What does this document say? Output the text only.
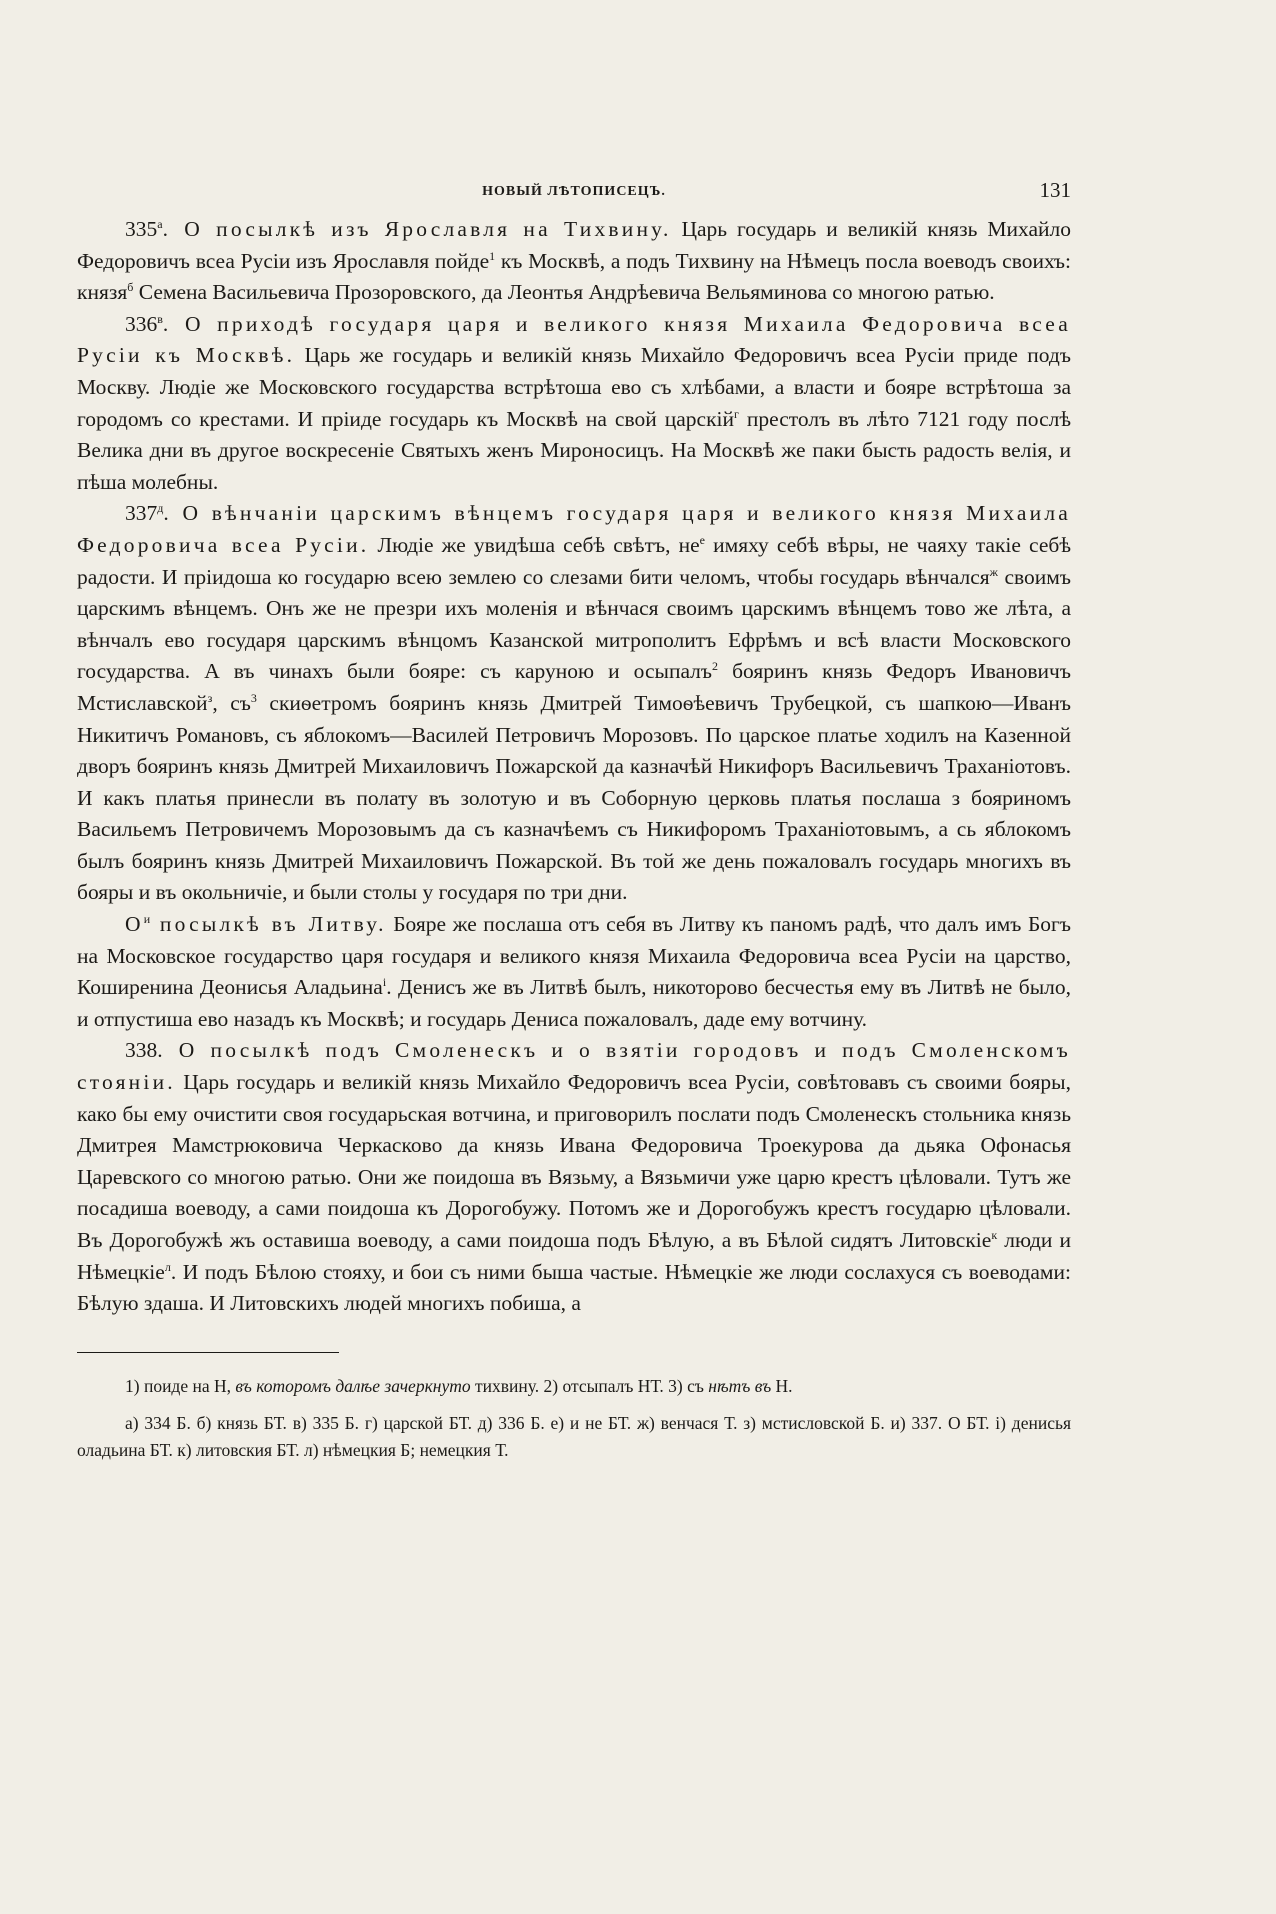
НОВЫЙ ЛѢТОПИСЕЦЪ.	131

$335^а$. О посылкѣ изъ Ярославля на Тихвину. Царь государь и великій князь Михайло Федоровичъ всеа Русіи изъ Ярославля пойде$^1$ къ Москвѣ, а подъ Тихвину на Нѣмецъ посла воеводъ своихъ: князя$^б$ Семена Васильевича Прозоровского, да Леонтья Андрѣевича Вельяминова со многою ратью.

$336^в$. О приходѣ государя царя и великого князя Михаила Федоровича всеа Русіи къ Москвѣ. Царь же государь и великій князь Михайло Федоровичъ всеа Русіи приде подъ Москву. Людіе же Московского государства встрѣтоша ево съ хлѣбами, а власти и бояре встрѣтоша за городомъ со крестами. И пріиде государь къ Москвѣ на свой царскій$^г$ престолъ въ лѣто 7121 году послѣ Велика дни въ другое воскресеніе Святыхъ женъ Мироносицъ. На Москвѣ же паки бысть радость велія, и пѣша молебны.

$337^д$. О вѣнчаніи царскимъ вѣнцемъ государя царя и великого князя Михаила Федоровича всеа Русіи. Людіе же увидѣша себѣ свѣтъ, $не^е$ имяху себѣ вѣры, не чаяху такіе себѣ радости. И пріидоша ко государю всею землею со слезами бити челомъ, чтобы государь вѣнчался$^ж$ своимъ царскимъ вѣнцемъ. Онъ же не презри ихъ моленія и вѣнчася своимъ царскимъ вѣнцемъ тово же лѣта, а вѣнчалъ ево государя царскимъ вѣнцомъ Казанской митрополитъ Ефрѣмъ и всѣ власти Московского государства. А въ чинахъ были бояре: съ каруною и осыпалъ$^2$ бояринъ князь Федоръ Ивановичъ Мстиславской$^з$, $съ^3$ скиѳетромъ бояринъ князь Дмитрей Тимоѳѣевичъ Трубецкой, съ шапкою—Иванъ Никитичъ Романовъ, съ яблокомъ—Василей Петровичъ Морозовъ. По царское платье ходилъ на Казенной дворъ бояринъ князь Дмитрей Михаиловичъ Пожарской да казначѣй Никифоръ Васильевичъ Траханіотовъ. И какъ платья принесли въ полату въ золотую и въ Соборную церковь платья послаша з бояриномъ Васильемъ Петровичемъ Морозовымъ да съ казначѣемъ съ Никифоромъ Траханіотовымъ, а сь яблокомъ былъ бояринъ князь Дмитрей Михаиловичъ Пожарской. Въ той же день пожаловалъ государь многихъ въ бояры и въ окольничіе, и были столы у государя по три дни.

$О^и$ посылкѣ въ Литву. Бояре же послаша отъ себя въ Литву къ паномъ радѣ, что далъ имъ Богъ на Московское государство царя государя и великого князя Михаила Федоровича всеа Русіи на царство, Коширенина Деонисья Аладьина$^і$. Денисъ же въ Литвѣ былъ, никоторово бесчестья ему въ Литвѣ не было, и отпустиша ево назадъ къ Москвѣ; и государь Дениса пожаловалъ, даде ему вотчину.

338. О посылкѣ подъ Смоленескъ и о взятіи городовъ и подъ Смоленскомъ стояніи. Царь государь и великій князь Михайло Федоровичъ всеа Русіи, совѣтовавъ съ своими бояры, како бы ему очистити своя государьская вотчина, и приговорилъ послати подъ Смоленескъ стольника князь Дмитрея Мамстрюковича Черкасково да князь Ивана Федоровича Троекурова да дьяка Офонасья Царевского со многою ратью. Они же поидоша въ Вязьму, а Вязьмичи уже царю крестъ цѣловали. Тутъ же посадиша воеводу, а сами поидоша къ Дорогобужу. Потомъ же и Дорогобужъ крестъ государю цѣловали. Въ Дорогобужѣ жъ оставиша воеводу, а сами поидоша подъ Бѣлую, а въ Бѣлой сидятъ Литовскіе$^к$ люди и Нѣмецкіе$^л$. И подъ Бѣлою стояху, и бои съ ними быша частые. Нѣмецкіе же люди сослахуся съ воеводами: Бѣлую здаша. И Литовскихъ людей многихъ побиша, а

1) поиде на Н, въ которомъ далѣе зачеркнуто тихвину. 2) отсыпалъ НТ. 3) съ нѣтъ въ Н.

а) 334 Б. б) князь БТ. в) 335 Б. г) царской БТ. д) 336 Б. е) и не БТ. ж) венчася Т. з) мстисловской Б. и) 337. О БТ. і) денисья оладьина БТ. к) литовския БТ. л) нѣмецкия Б; немецкия Т.
